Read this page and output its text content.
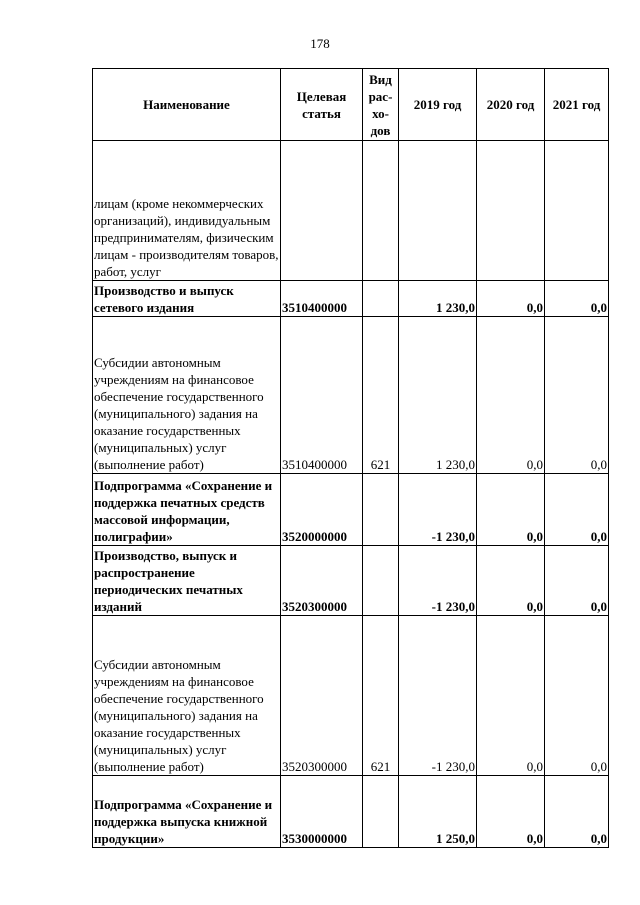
178
Наименование	Целевая статья	Вид рас-хо-дов	2019 год	2020 год	2021 год
лицам (кроме некоммерческих организаций), индивидуальным предпринимателям, физическим лицам - производителям товаров, работ, услуг					
Производство и выпуск сетевого издания	3510400000		1 230,0	0,0	0,0
Субсидии автономным учреждениям на финансовое обеспечение государственного (муниципального) задания на оказание государственных (муниципальных) услуг (выполнение работ)	3510400000	621	1 230,0	0,0	0,0
Подпрограмма «Сохранение и поддержка печатных средств массовой информации, полиграфии»	3520000000		-1 230,0	0,0	0,0
Производство, выпуск и распространение периодических печатных изданий	3520300000		-1 230,0	0,0	0,0
Субсидии автономным учреждениям на финансовое обеспечение государственного (муниципального) задания на оказание государственных (муниципальных) услуг (выполнение работ)	3520300000	621	-1 230,0	0,0	0,0
Подпрограмма «Сохранение и поддержка выпуска книжной продукции»	3530000000		1 250,0	0,0	0,0
